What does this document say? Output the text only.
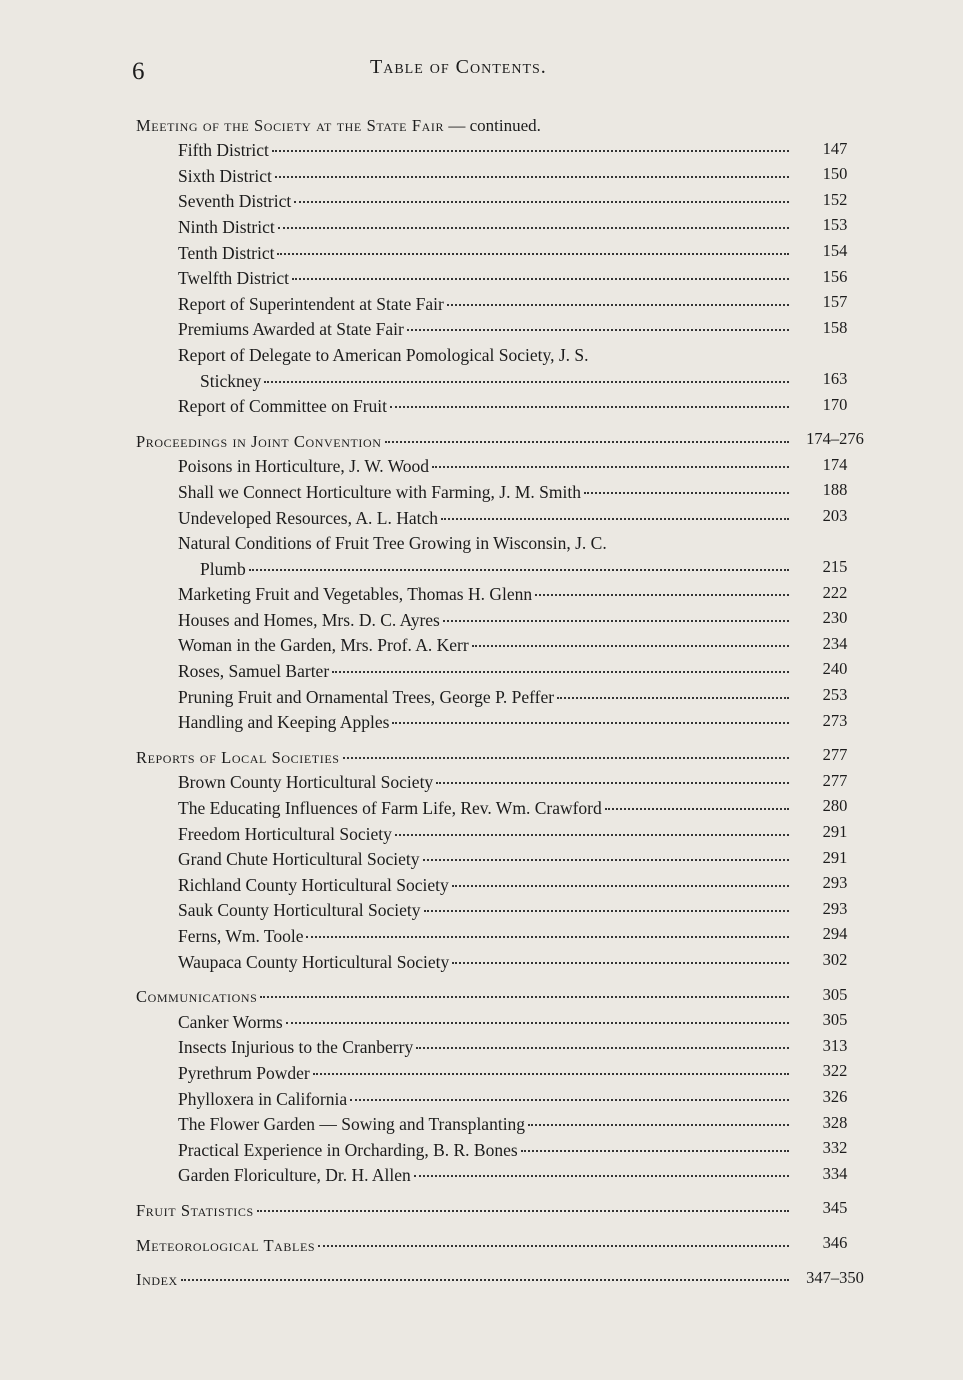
6	Table of Contents.
Meeting of the Society at the State Fair — continued.
Fifth District	147
Sixth District	150
Seventh District	152
Ninth District	153
Tenth District	154
Twelfth District	156
Report of Superintendent at State Fair	157
Premiums Awarded at State Fair	158
Report of Delegate to American Pomological Society, J. S.
Stickney	163
Report of Committee on Fruit	170
Proceedings in Joint Convention	174–276
Poisons in Horticulture, J. W. Wood	174
Shall we Connect Horticulture with Farming, J. M. Smith	188
Undeveloped Resources, A. L. Hatch	203
Natural Conditions of Fruit Tree Growing in Wisconsin, J. C.
Plumb	215
Marketing Fruit and Vegetables, Thomas H. Glenn	222
Houses and Homes, Mrs. D. C. Ayres	230
Woman in the Garden, Mrs. Prof. A. Kerr	234
Roses, Samuel Barter	240
Pruning Fruit and Ornamental Trees, George P. Peffer	253
Handling and Keeping Apples	273
Reports of Local Societies	277
Brown County Horticultural Society	277
The Educating Influences of Farm Life, Rev. Wm. Crawford	280
Freedom Horticultural Society	291
Grand Chute Horticultural Society	291
Richland County Horticultural Society	293
Sauk County Horticultural Society	293
Ferns, Wm. Toole	294
Waupaca County Horticultural Society	302
Communications	305
Canker Worms	305
Insects Injurious to the Cranberry	313
Pyrethrum Powder	322
Phylloxera in California	326
The Flower Garden — Sowing and Transplanting	328
Practical Experience in Orcharding, B. R. Bones	332
Garden Floriculture, Dr. H. Allen	334
Fruit Statistics	345
Meteorological Tables	346
Index	347–350
